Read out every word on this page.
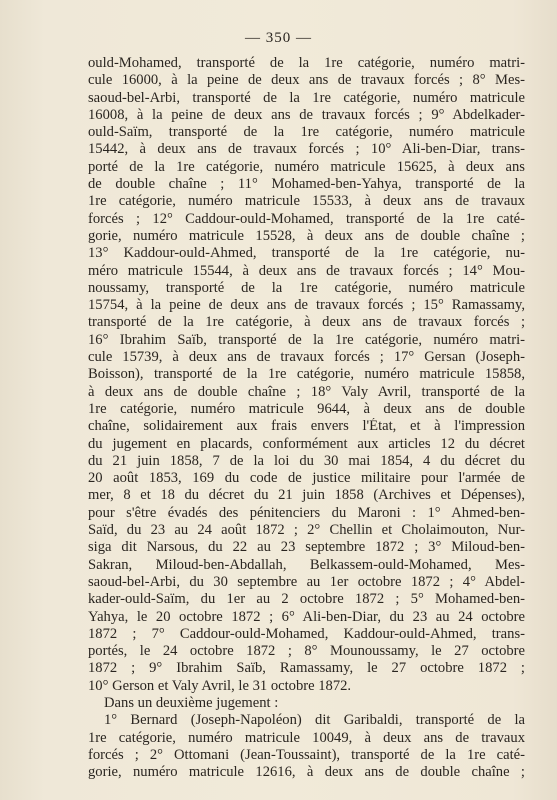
— 350 —
ould-Mohamed, transporté de la 1re catégorie, numéro matri-
cule 16000, à la peine de deux ans de travaux forcés ; 8° Mes-
saoud-bel-Arbi, transporté de la 1re catégorie, numéro matricule
16008, à la peine de deux ans de travaux forcés ; 9° Abdelkader-
ould-Saïm, transporté de la 1re catégorie, numéro matricule
15442, à deux ans de travaux forcés ; 10° Ali-ben-Diar, trans-
porté de la 1re catégorie, numéro matricule 15625, à deux ans
de double chaîne ; 11° Mohamed-ben-Yahya, transporté de la
1re catégorie, numéro matricule 15533, à deux ans de travaux
forcés ; 12° Caddour-ould-Mohamed, transporté de la 1re caté-
gorie, numéro matricule 15528, à deux ans de double chaîne ;
13° Kaddour-ould-Ahmed, transporté de la 1re catégorie, nu-
méro matricule 15544, à deux ans de travaux forcés ; 14° Mou-
noussamy, transporté de la 1re catégorie, numéro matricule
15754, à la peine de deux ans de travaux forcés ; 15° Ramassamy,
transporté de la 1re catégorie, à deux ans de travaux forcés ;
16° Ibrahim Saïb, transporté de la 1re catégorie, numéro matri-
cule 15739, à deux ans de travaux forcés ; 17° Gersan (Joseph-
Boisson), transporté de la 1re catégorie, numéro matricule 15858,
à deux ans de double chaîne ; 18° Valy Avril, transporté de la
1re catégorie, numéro matricule 9644, à deux ans de double
chaîne, solidairement aux frais envers l'État, et à l'impression
du jugement en placards, conformément aux articles 12 du décret
du 21 juin 1858, 7 de la loi du 30 mai 1854, 4 du décret du
20 août 1853, 169 du code de justice militaire pour l'armée de
mer, 8 et 18 du décret du 21 juin 1858 (Archives et Dépenses),
pour s'être évadés des pénitenciers du Maroni : 1° Ahmed-ben-
Saïd, du 23 au 24 août 1872 ; 2° Chellin et Cholaimouton, Nur-
siga dit Narsous, du 22 au 23 septembre 1872 ; 3° Miloud-ben-
Sakran, Miloud-ben-Abdallah, Belkassem-ould-Mohamed, Mes-
saoud-bel-Arbi, du 30 septembre au 1er octobre 1872 ; 4° Abdel-
kader-ould-Saïm, du 1er au 2 octobre 1872 ; 5° Mohamed-ben-
Yahya, le 20 octobre 1872 ; 6° Ali-ben-Diar, du 23 au 24 octobre
1872 ; 7° Caddour-ould-Mohamed, Kaddour-ould-Ahmed, trans-
portés, le 24 octobre 1872 ; 8° Mounoussamy, le 27 octobre
1872 ; 9° Ibrahim Saïb, Ramassamy, le 27 octobre 1872 ;
10° Gerson et Valy Avril, le 31 octobre 1872.
Dans un deuxième jugement :
1° Bernard (Joseph-Napoléon) dit Garibaldi, transporté de la
1re catégorie, numéro matricule 10049, à deux ans de travaux
forcés ; 2° Ottomani (Jean-Toussaint), transporté de la 1re caté-
gorie, numéro matricule 12616, à deux ans de double chaîne ;
